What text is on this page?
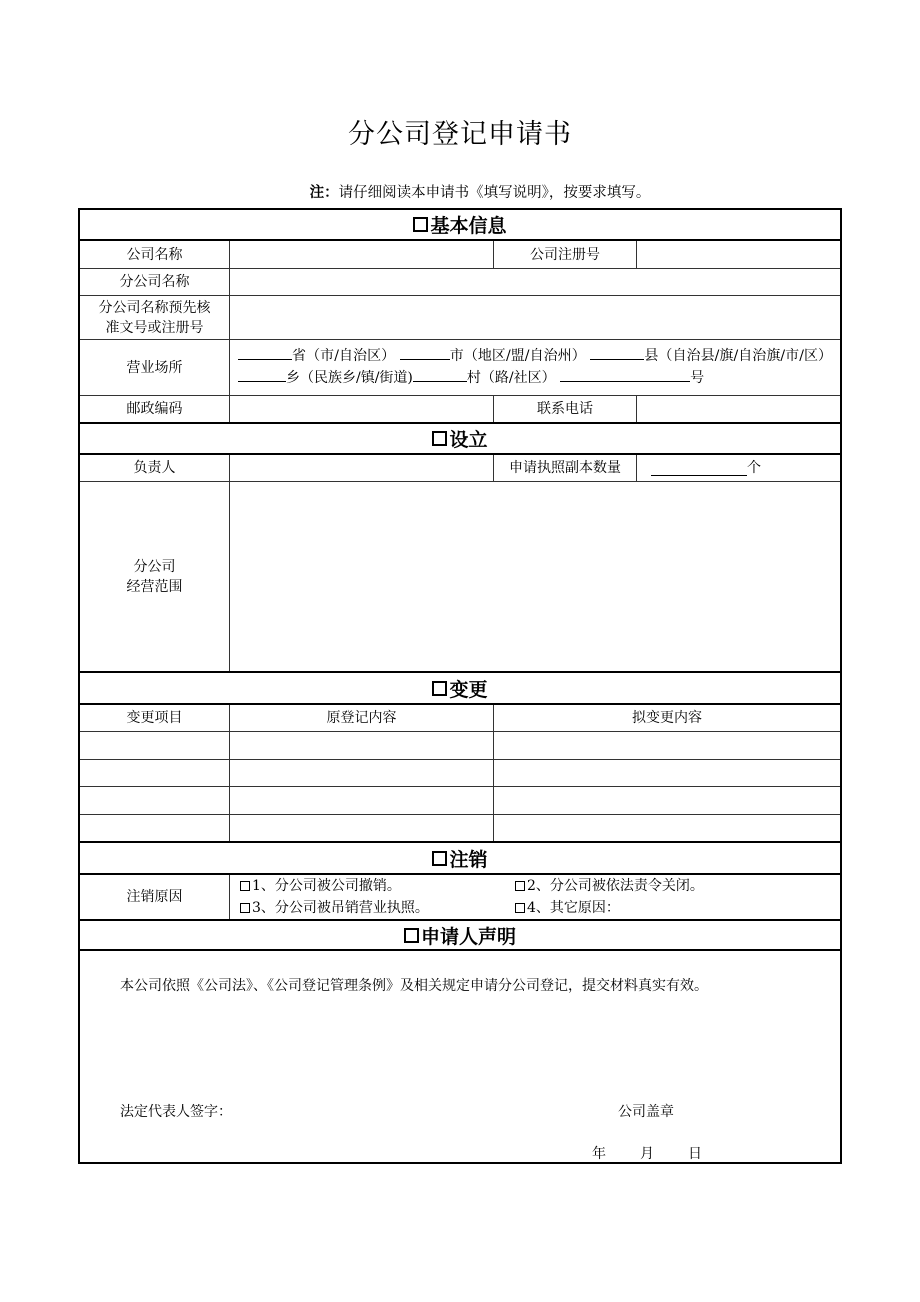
分公司登记申请书
注：请仔细阅读本申请书《填写说明》，按要求填写。
基本信息
公司名称	公司注册号
分公司名称
分公司名称预先核
准文号或注册号
营业场所
省（市/自治区）	市（地区/盟/自治州）	县（自治县/旗/自治旗/市/区） 乡（民族乡/镇/街道)	村（路/社区）	号
邮政编码	联系电话
设立
负责人	申请执照副本数量	个
分公司
经营范围
变更
变更项目	原登记内容	拟变更内容
注销
注销原因
1、分公司被公司撤销。	2、分公司被依法责令关闭。
3、分公司被吊销营业执照。	4、其它原因：
申请人声明
本公司依照《公司法》、《公司登记管理条例》及相关规定申请分公司登记，提交材料真实有效。
法定代表人签字：	公司盖章
年 月 日
